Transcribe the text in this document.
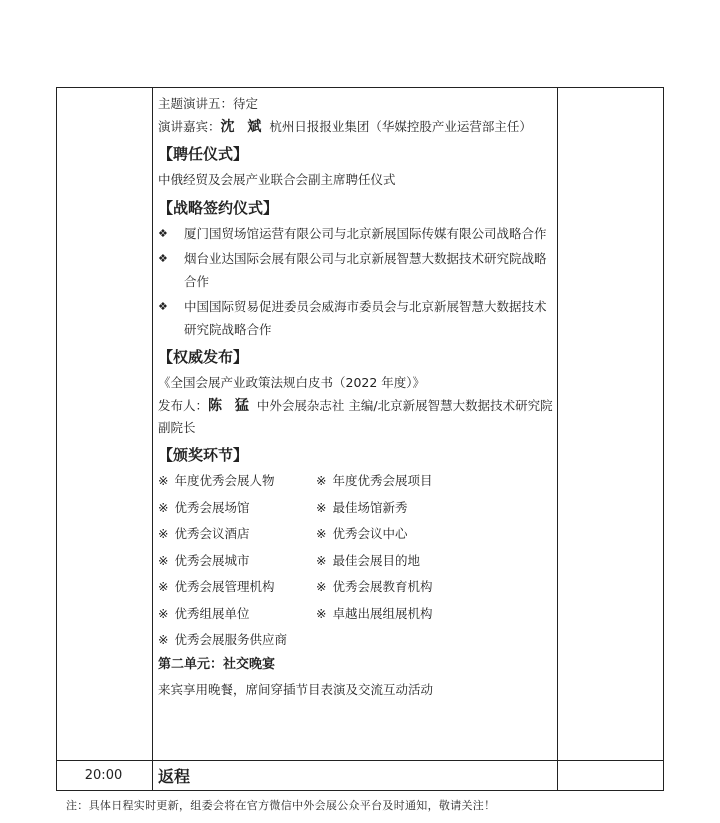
主题演讲五：待定
演讲嘉宾：沈 斌 杭州日报报业集团（华媒控股产业运营部主任）
【聘任仪式】
中俄经贸及会展产业联合会副主席聘任仪式
【战略签约仪式】
❖	厦门国贸场馆运营有限公司与北京新展国际传媒有限公司战略合作
❖	烟台业达国际会展有限公司与北京新展智慧大数据技术研究院战略合作
❖	中国国际贸易促进委员会威海市委员会与北京新展智慧大数据技术研究院战略合作
【权威发布】
《全国会展产业政策法规白皮书（2022 年度）》
发布人：陈 猛 中外会展杂志社 主编/北京新展智慧大数据技术研究院 副院长
【颁奖环节】
※ 年度优秀会展人物	※ 年度优秀会展项目
※ 优秀会展场馆	※ 最佳场馆新秀
※ 优秀会议酒店	※ 优秀会议中心
※ 优秀会展城市	※ 最佳会展目的地
※ 优秀会展管理机构	※ 优秀会展教育机构
※ 优秀组展单位	※ 卓越出展组展机构
※ 优秀会展服务供应商
第二单元：社交晚宴
来宾享用晚餐，席间穿插节目表演及交流互动活动
20:00	返程
注：具体日程实时更新，组委会将在官方微信中外会展公众平台及时通知，敬请关注！
